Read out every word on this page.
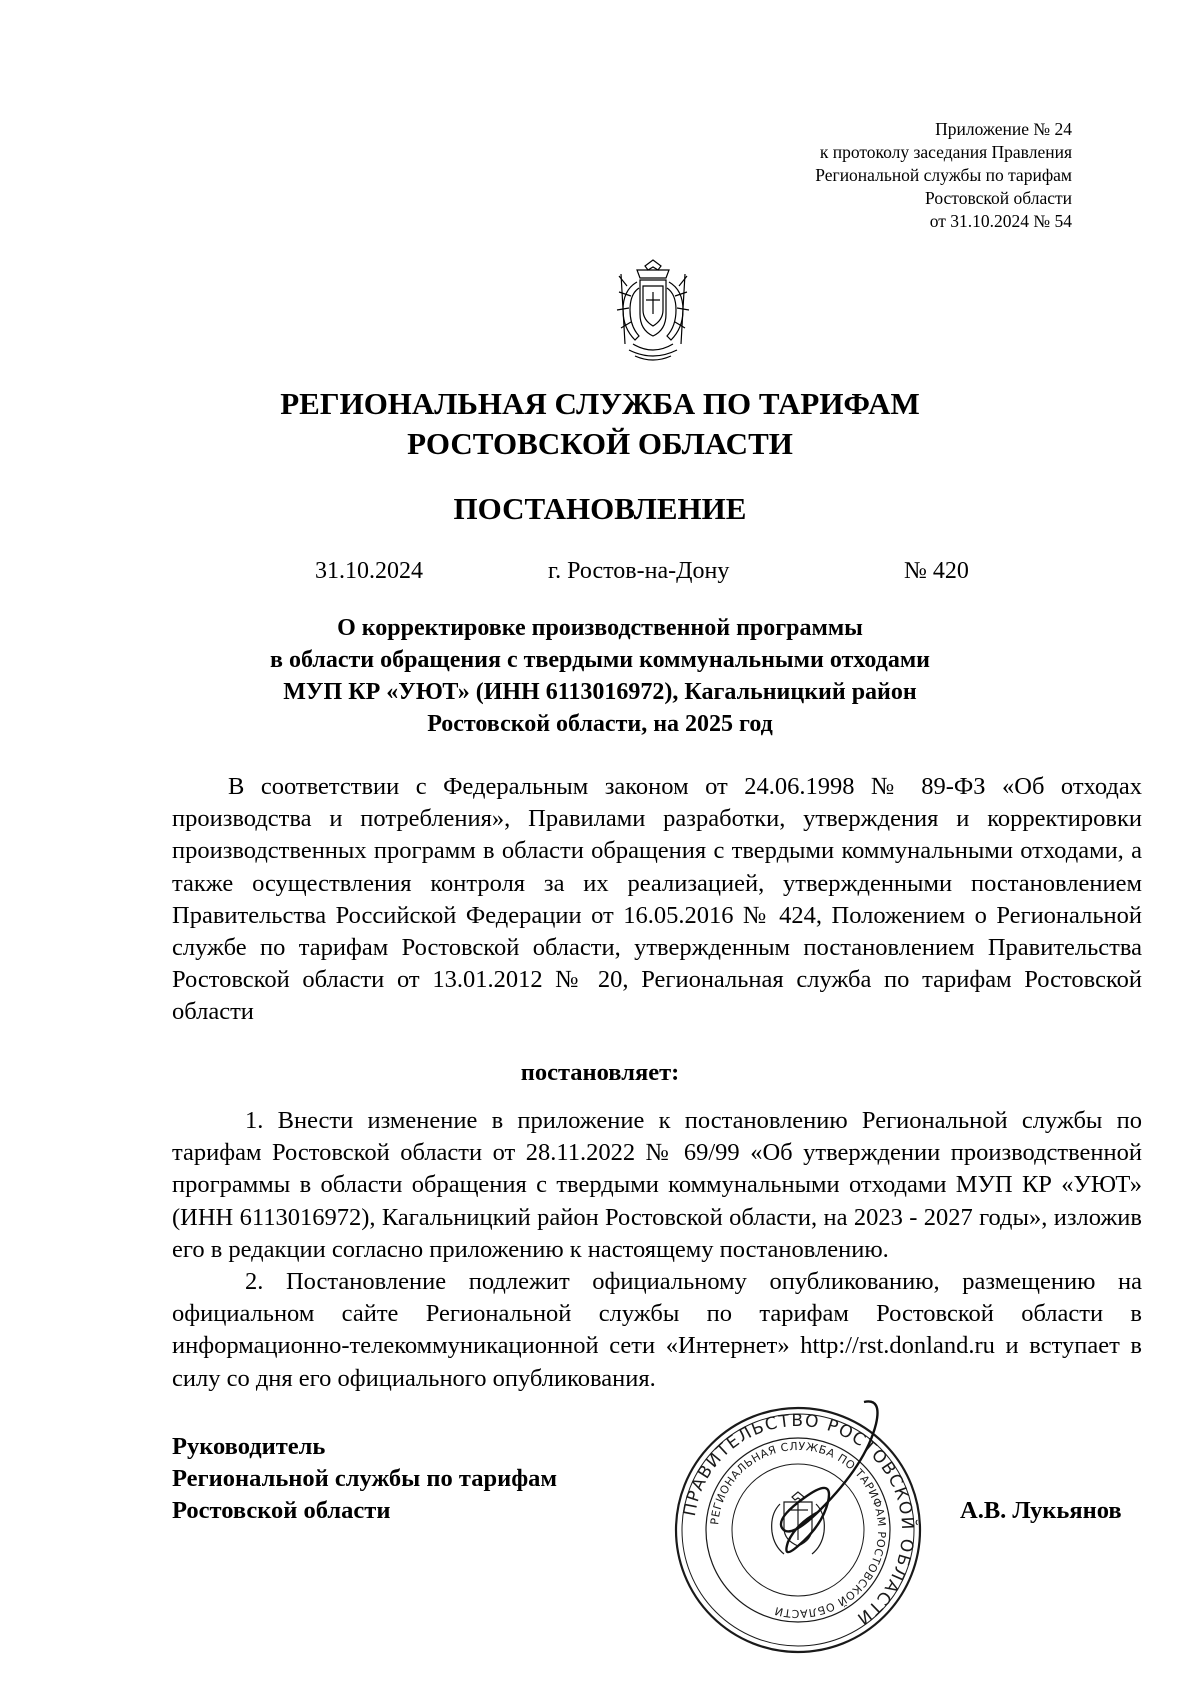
Приложение № 24
к протоколу заседания Правления
Региональной службы по тарифам
Ростовской области
от 31.10.2024 № 54
РЕГИОНАЛЬНАЯ СЛУЖБА ПО ТАРИФАМ
РОСТОВСКОЙ ОБЛАСТИ
ПОСТАНОВЛЕНИЕ
31.10.2024	г. Ростов-на-Дону	№ 420
О корректировке производственной программы
в области обращения с твердыми коммунальными отходами
МУП КР «УЮТ» (ИНН 6113016972), Кагальницкий район
Ростовской области, на 2025 год
В соответствии с Федеральным законом от 24.06.1998 № 89-ФЗ «Об отходах производства и потребления», Правилами разработки, утверждения и корректировки производственных программ в области обращения с твердыми коммунальными отходами, а также осуществления контроля за их реализацией, утвержденными постановлением Правительства Российской Федерации от 16.05.2016 № 424, Положением о Региональной службе по тарифам Ростовской области, утвержденным постановлением Правительства Ростовской области от 13.01.2012 № 20, Региональная служба по тарифам Ростовской области
постановляет:

1. Внести изменение в приложение к постановлению Региональной службы по тарифам Ростовской области от 28.11.2022 № 69/99 «Об утверждении производственной программы в области обращения с твердыми коммунальными отходами МУП КР «УЮТ» (ИНН 6113016972), Кагальницкий район Ростовской области, на 2023 - 2027 годы», изложив его в редакции согласно приложению к настоящему постановлению.

2. Постановление подлежит официальному опубликованию, размещению на официальном сайте Региональной службы по тарифам Ростовской области в информационно-телекоммуникационной сети «Интернет» http://rst.donland.ru и вступает в силу со дня его официального опубликования.

Руководитель
Региональной службы по тарифам
Ростовской области	ПРАВИТЕЛЬСТВО РОСТОВСКОЙ ОБЛАСТИ
РЕГИОНАЛЬНАЯ СЛУЖБА ПО ТАРИФАМ РОСТОВСКОЙ ОБЛАСТИ
А.В. Лукьянов
